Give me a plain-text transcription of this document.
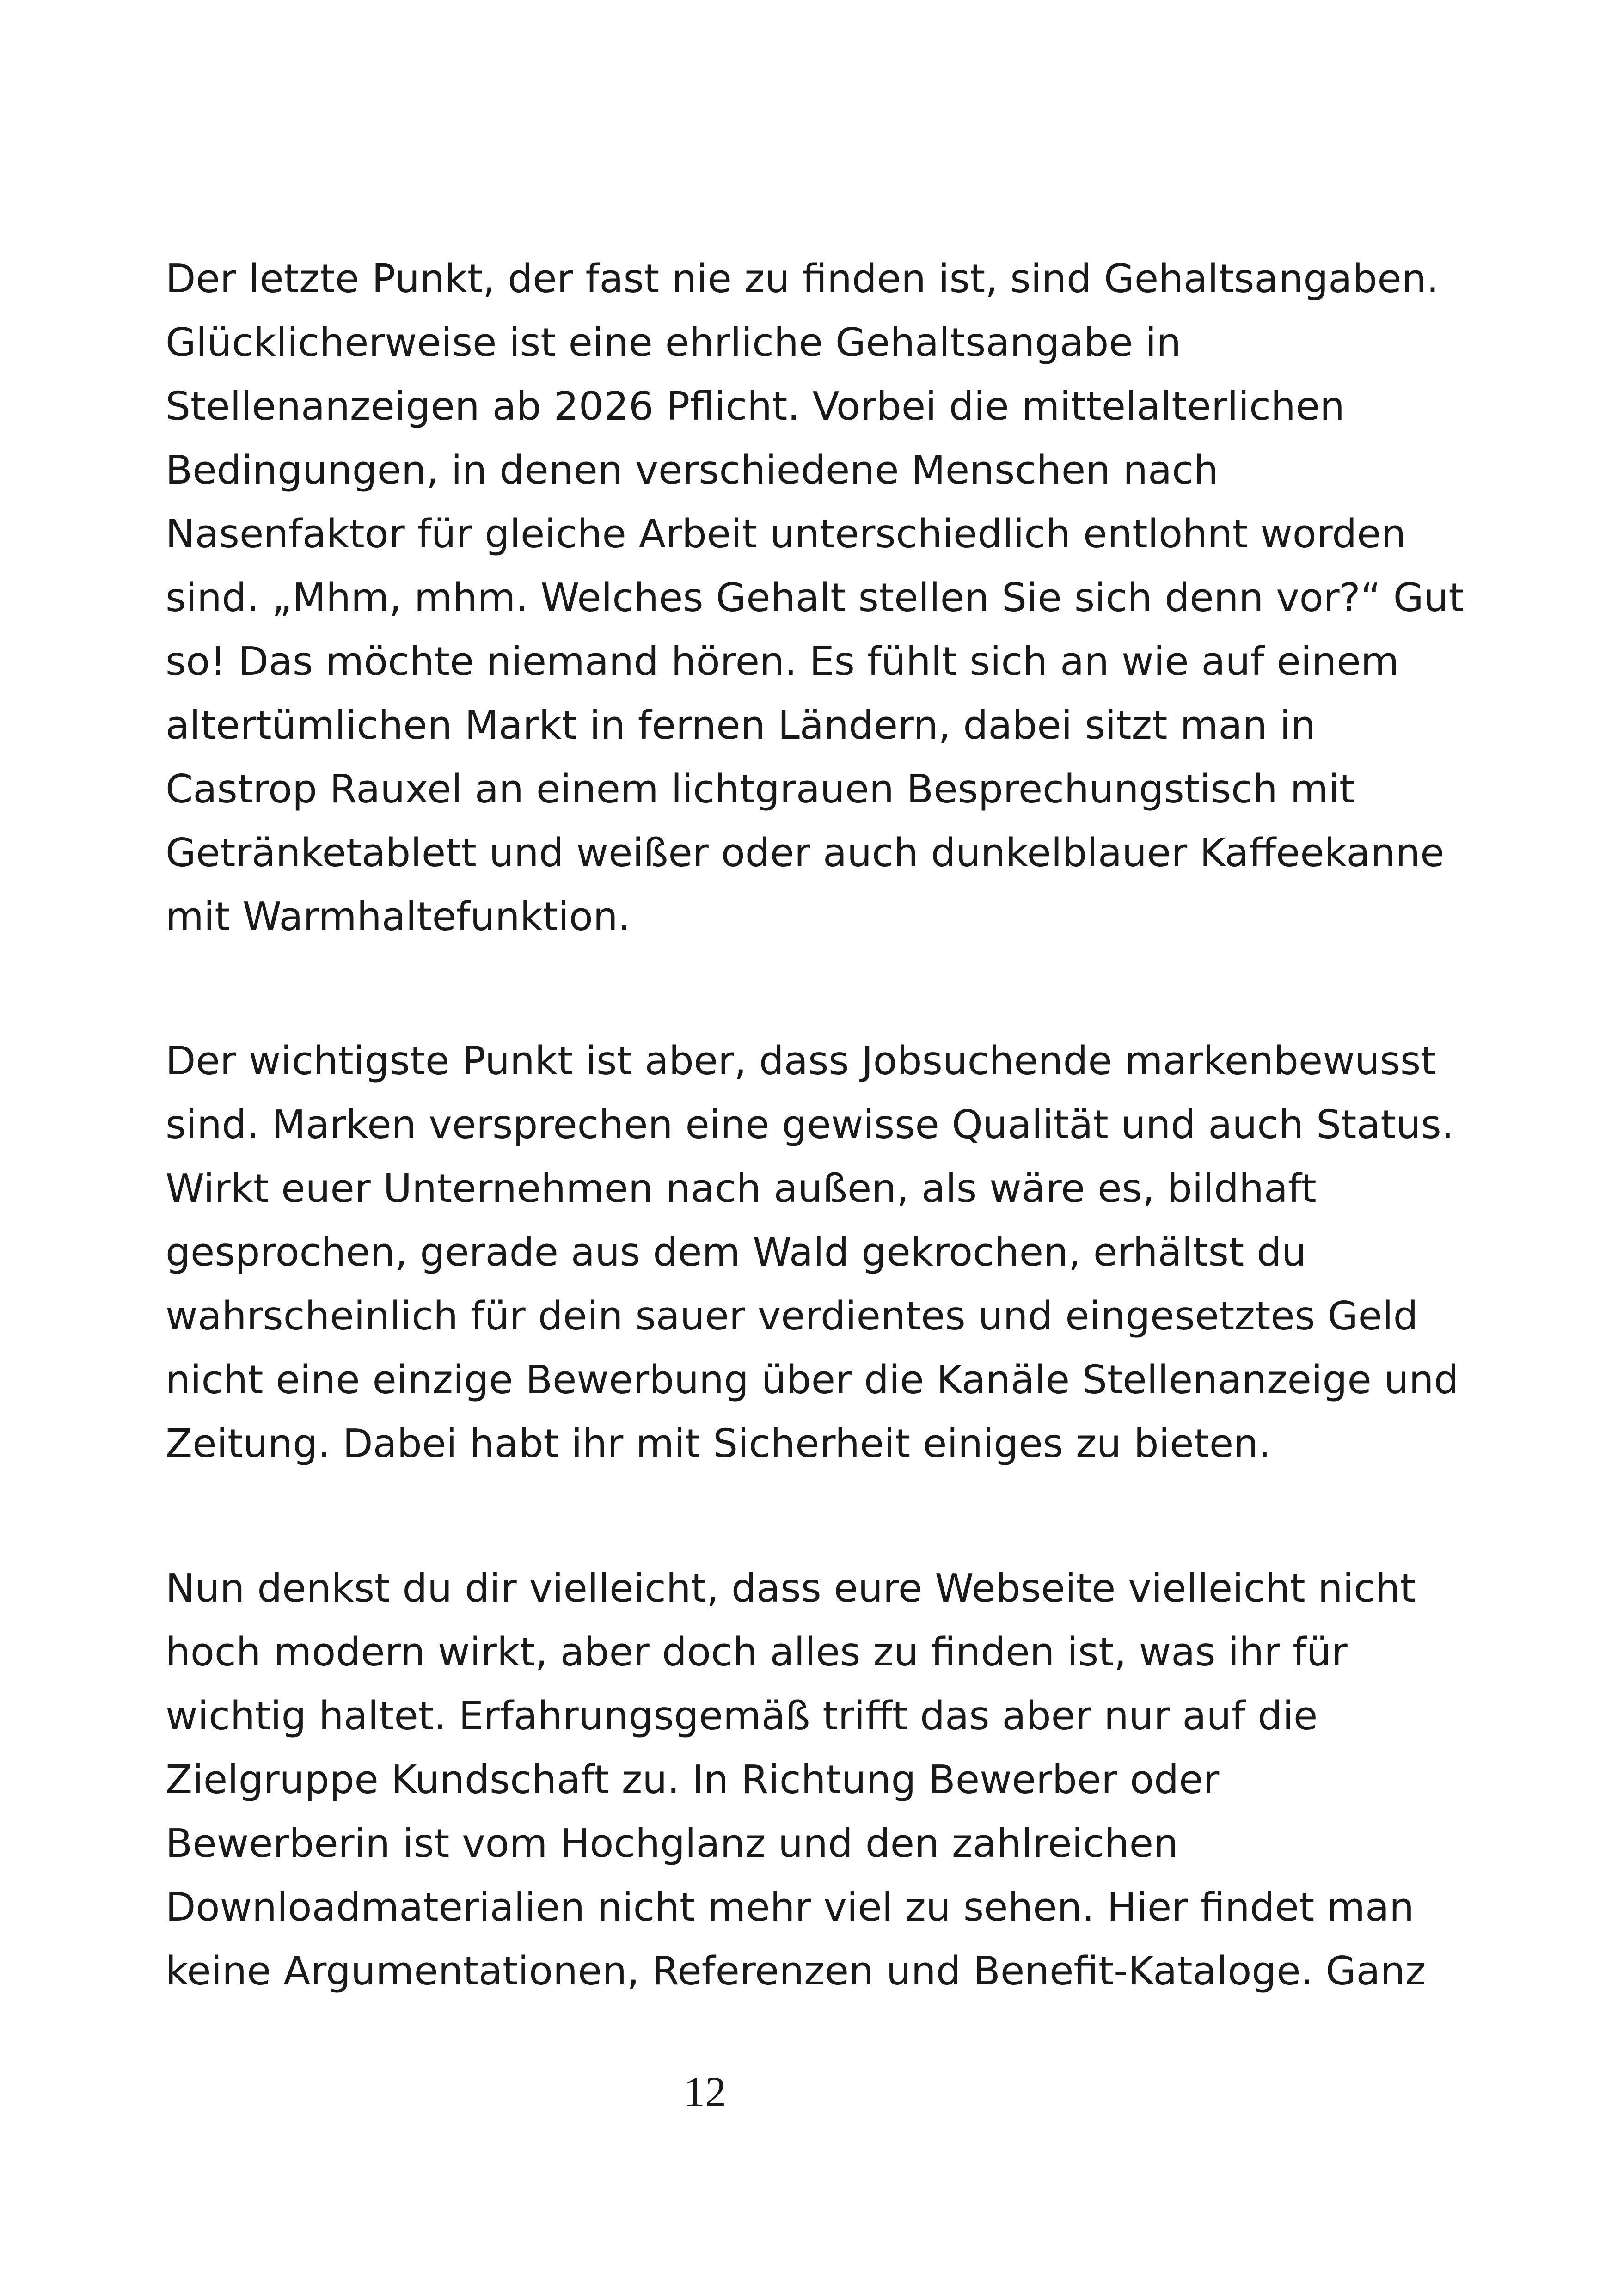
Der letzte Punkt, der fast nie zu finden ist, sind Gehaltsangaben.
Glücklicherweise ist eine ehrliche Gehaltsangabe in
Stellenanzeigen ab 2026 Pflicht. Vorbei die mittelalterlichen
Bedingungen, in denen verschiedene Menschen nach
Nasenfaktor für gleiche Arbeit unterschiedlich entlohnt worden
sind. „Mhm, mhm. Welches Gehalt stellen Sie sich denn vor?“ Gut
so! Das möchte niemand hören. Es fühlt sich an wie auf einem
altertümlichen Markt in fernen Ländern, dabei sitzt man in
Castrop Rauxel an einem lichtgrauen Besprechungstisch mit
Getränketablett und weißer oder auch dunkelblauer Kaffeekanne
mit Warmhaltefunktion.

Der wichtigste Punkt ist aber, dass Jobsuchende markenbewusst
sind. Marken versprechen eine gewisse Qualität und auch Status.
Wirkt euer Unternehmen nach außen, als wäre es, bildhaft
gesprochen, gerade aus dem Wald gekrochen, erhältst du
wahrscheinlich für dein sauer verdientes und eingesetztes Geld
nicht eine einzige Bewerbung über die Kanäle Stellenanzeige und
Zeitung. Dabei habt ihr mit Sicherheit einiges zu bieten.

Nun denkst du dir vielleicht, dass eure Webseite vielleicht nicht
hoch modern wirkt, aber doch alles zu finden ist, was ihr für
wichtig haltet. Erfahrungsgemäß trifft das aber nur auf die
Zielgruppe Kundschaft zu. In Richtung Bewerber oder
Bewerberin ist vom Hochglanz und den zahlreichen
Downloadmaterialien nicht mehr viel zu sehen. Hier findet man
keine Argumentationen, Referenzen und Benefit-Kataloge. Ganz

12
